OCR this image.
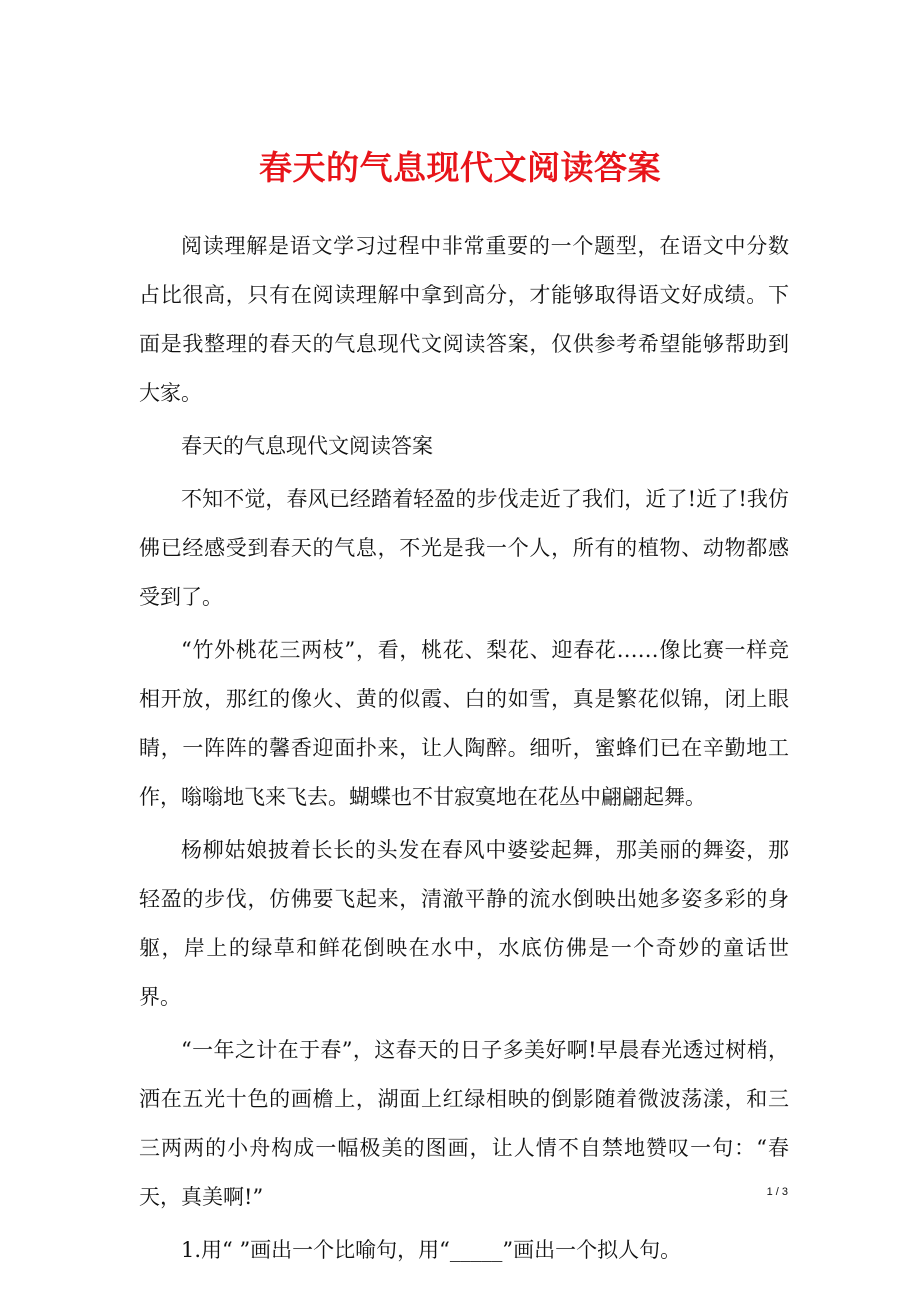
春天的气息现代文阅读答案

阅读理解是语文学习过程中非常重要的一个题型，在语文中分数占比很高，只有在阅读理解中拿到高分，才能够取得语文好成绩。下面是我整理的春天的气息现代文阅读答案，仅供参考希望能够帮助到大家。

春天的气息现代文阅读答案

不知不觉，春风已经踏着轻盈的步伐走近了我们，近了!近了!我仿佛已经感受到春天的气息，不光是我一个人，所有的植物、动物都感受到了。

“竹外桃花三两枝”，看，桃花、梨花、迎春花……像比赛一样竞相开放，那红的像火、黄的似霞、白的如雪，真是繁花似锦，闭上眼睛，一阵阵的馨香迎面扑来，让人陶醉。细听，蜜蜂们已在辛勤地工作，嗡嗡地飞来飞去。蝴蝶也不甘寂寞地在花丛中翩翩起舞。

杨柳姑娘披着长长的头发在春风中婆娑起舞，那美丽的舞姿，那轻盈的步伐，仿佛要飞起来，清澈平静的流水倒映出她多姿多彩的身躯，岸上的绿草和鲜花倒映在水中，水底仿佛是一个奇妙的童话世界。

“一年之计在于春”，这春天的日子多美好啊!早晨春光透过树梢，洒在五光十色的画檐上，湖面上红绿相映的倒影随着微波荡漾，和三三两两的小舟构成一幅极美的图画，让人情不自禁地赞叹一句：“春天，真美啊!”

1.用“ ”画出一个比喻句，用“_____”画出一个拟人句。

1 / 3
